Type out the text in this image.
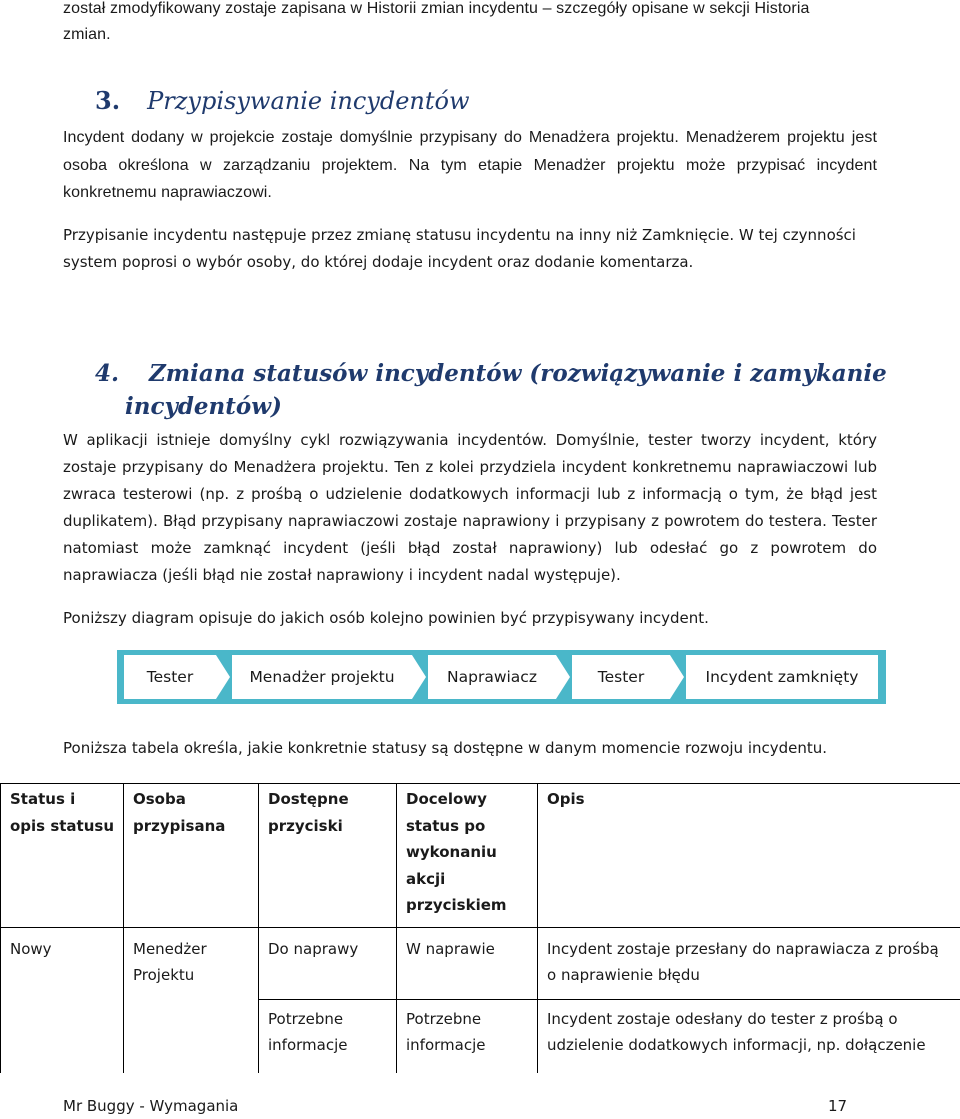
został zmodyfikowany zostaje zapisana w Historii zmian incydentu – szczegóły opisane w sekcji Historia
zmian.
3. Przypisywanie incydentów
Incydent dodany w projekcie zostaje domyślnie przypisany do Menadżera projektu. Menadżerem projektu jest osoba określona w zarządzaniu projektem. Na tym etapie Menadżer projektu może przypisać incydent konkretnemu naprawiaczowi.
Przypisanie incydentu następuje przez zmianę statusu incydentu na inny niż Zamknięcie. W tej czynności system poprosi o wybór osoby, do której dodaje incydent oraz dodanie komentarza.
4. Zmiana statusów incydentów (rozwiązywanie i zamykanie
incydentów)
W aplikacji istnieje domyślny cykl rozwiązywania incydentów. Domyślnie, tester tworzy incydent, który zostaje przypisany do Menadżera projektu. Ten z kolei przydziela incydent konkretnemu naprawiaczowi lub zwraca testerowi (np. z prośbą o udzielenie dodatkowych informacji lub z informacją o tym, że błąd jest duplikatem). Błąd przypisany naprawiaczowi zostaje naprawiony i przypisany z powrotem do testera. Tester natomiast może zamknąć incydent (jeśli błąd został naprawiony) lub odesłać go z powrotem do naprawiacza (jeśli błąd nie został naprawiony i incydent nadal występuje).
Poniższy diagram opisuje do jakich osób kolejno powinien być przypisywany incydent.
Tester	Menadżer projektu	Naprawiacz	Tester	Incydent zamknięty
Poniższa tabela określa, jakie konkretnie statusy są dostępne w danym momencie rozwoju incydentu.
Status i opis statusu	Osoba przypisana	Dostępne przyciski	Docelowy status po wykonaniu akcji przyciskiem	Opis
Nowy	Menedżer Projektu	Do naprawy	W naprawie	Incydent zostaje przesłany do naprawiacza z prośbą o naprawienie błędu
		Potrzebne informacje	Potrzebne informacje	Incydent zostaje odesłany do tester z prośbą o udzielenie dodatkowych informacji, np. dołączenie
Mr Buggy - Wymagania	17
